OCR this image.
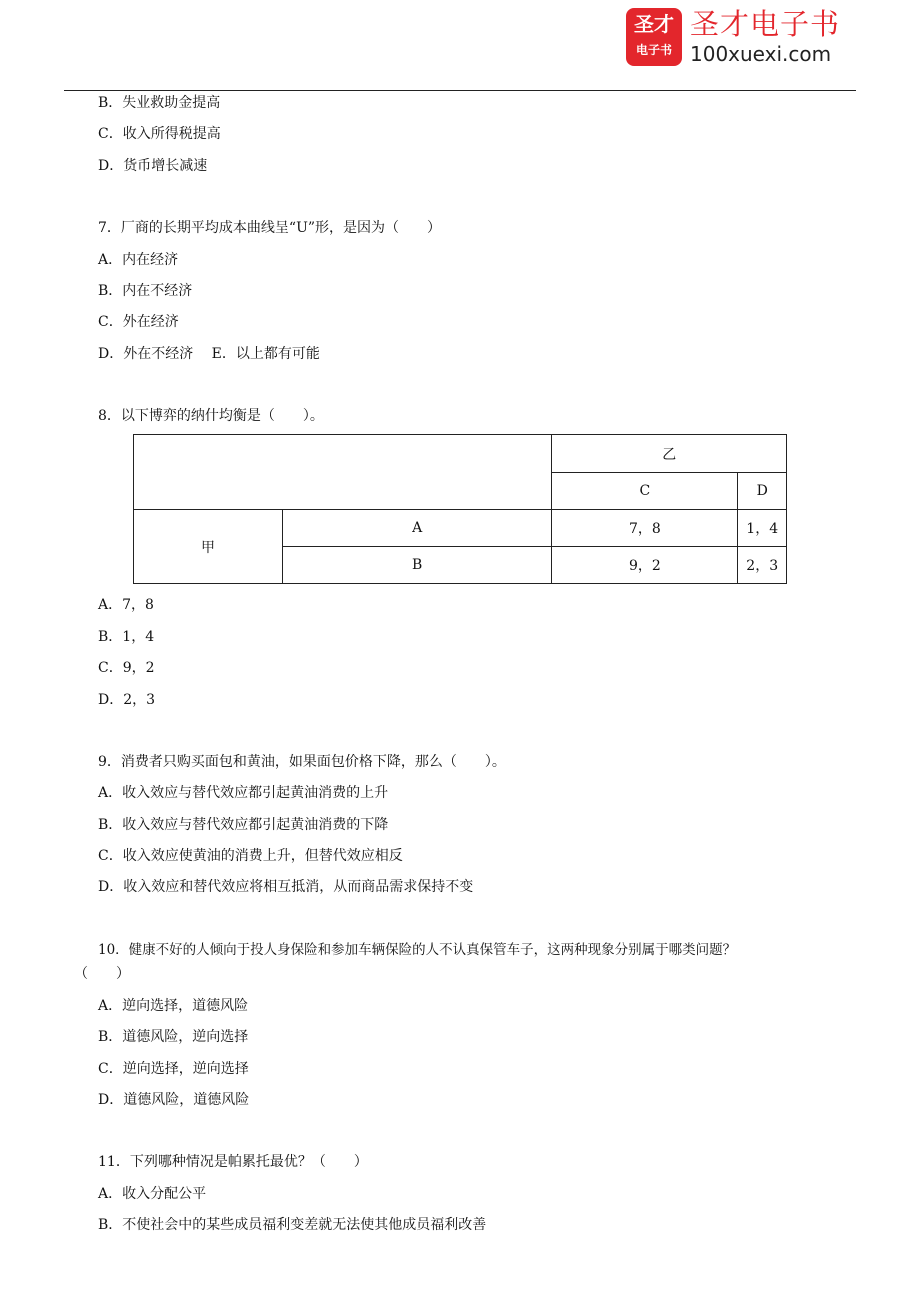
圣才
电子书
圣才电子书
100xuexi.com
B．失业救助金提高
C．收入所得税提高
D．货币增长减速
7．厂商的长期平均成本曲线呈“U”形，是因为（　　）
A．内在经济
B．内在不经济
C．外在经济
D．外在不经济　 E．以上都有可能
8．以下博弈的纳什均衡是（　　）。
		乙	
		C	D
甲	A	7，8	1，4
	B	9，2	2，3
A．7，8
B．1，4
C．9，2
D．2，3
9．消费者只购买面包和黄油，如果面包价格下降，那么（　　）。
A．收入效应与替代效应都引起黄油消费的上升
B．收入效应与替代效应都引起黄油消费的下降
C．收入效应使黄油的消费上升，但替代效应相反
D．收入效应和替代效应将相互抵消，从而商品需求保持不变
10．健康不好的人倾向于投人身保险和参加车辆保险的人不认真保管车子，这两种现象分别属于哪类问题？
（　　）
A．逆向选择，道德风险
B．道德风险，逆向选择
C．逆向选择，逆向选择
D．道德风险，道德风险
11．下列哪种情况是帕累托最优？（　　）
A．收入分配公平
B．不使社会中的某些成员福利变差就无法使其他成员福利改善
